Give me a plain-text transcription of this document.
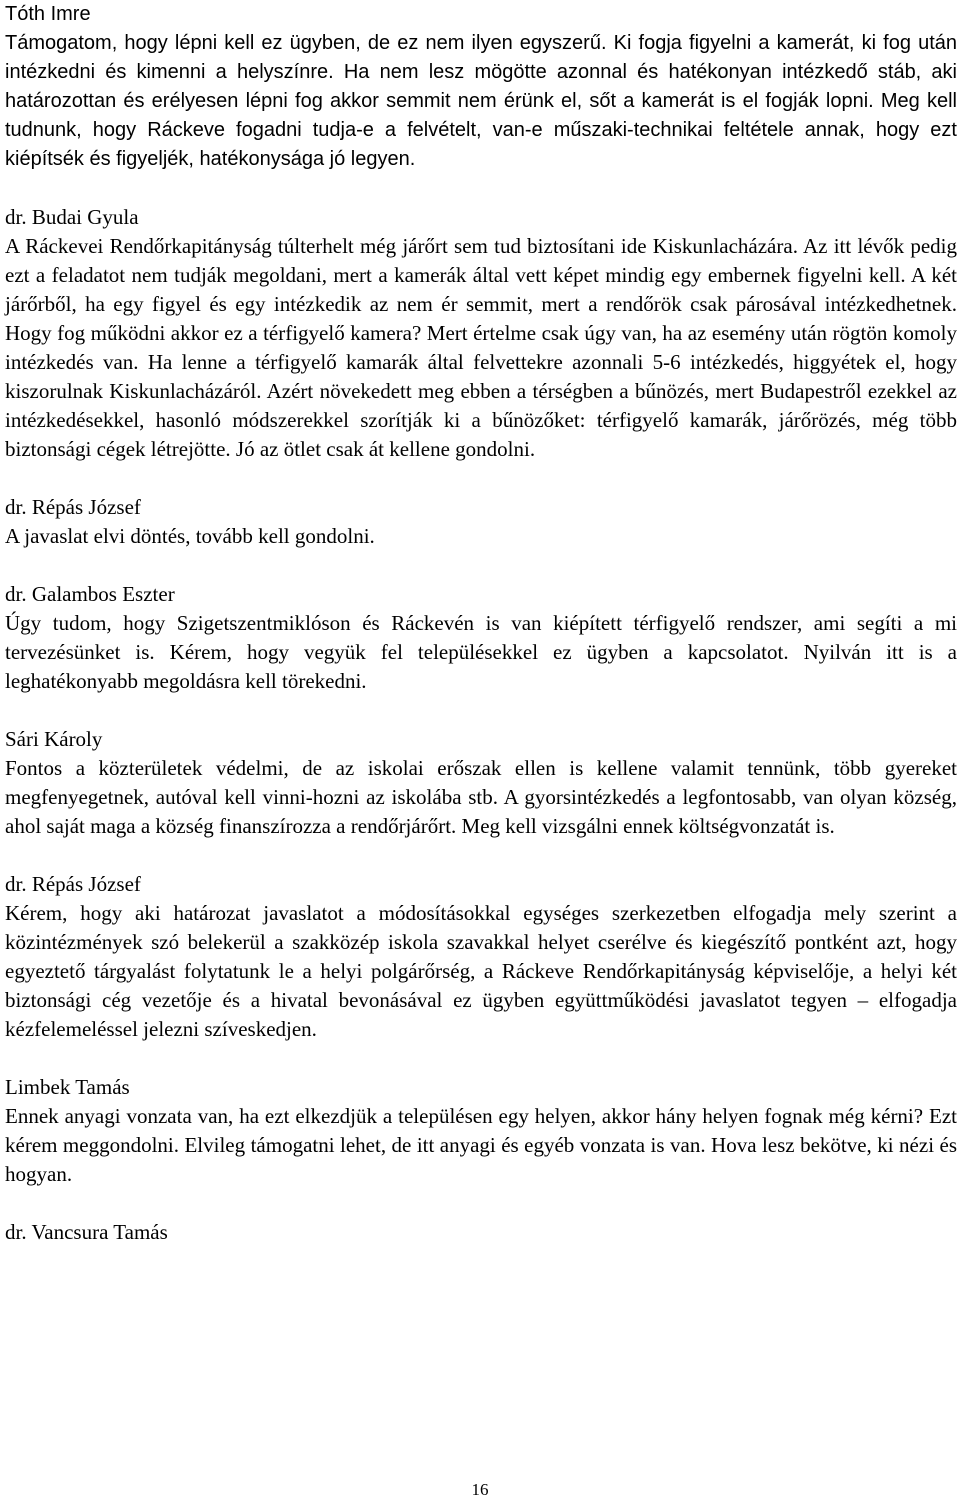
Tóth Imre

Támogatom, hogy lépni kell ez ügyben, de ez nem ilyen egyszerű. Ki fogja figyelni a kamerát, ki fog után intézkedni és kimenni a helyszínre. Ha nem lesz mögötte azonnal és hatékonyan intézkedő stáb, aki határozottan és erélyesen lépni fog akkor semmit nem érünk el, sőt a kamerát is el fogják lopni. Meg kell tudnunk, hogy Ráckeve fogadni tudja-e a felvételt, van-e műszaki-technikai feltétele annak, hogy ezt kiépítsék és figyeljék, hatékonysága jó legyen.

dr. Budai Gyula

A Ráckevei Rendőrkapitányság túlterhelt még járőrt sem tud biztosítani ide Kiskunlacházára. Az itt lévők pedig ezt a feladatot nem tudják megoldani, mert a kamerák által vett képet mindig egy embernek figyelni kell. A két járőrből, ha egy figyel és egy intézkedik az nem ér semmit, mert a rendőrök csak párosával intézkedhetnek. Hogy fog működni akkor ez a térfigyelő kamera? Mert értelme csak úgy van, ha az esemény után rögtön komoly intézkedés van. Ha lenne a térfigyelő kamarák által felvettekre azonnali 5-6 intézkedés, higgyétek el, hogy kiszorulnak Kiskunlacházáról. Azért növekedett meg ebben a térségben a bűnözés, mert Budapestről ezekkel az intézkedésekkel, hasonló módszerekkel szorítják ki a bűnözőket: térfigyelő kamarák, járőrözés, még több biztonsági cégek létrejötte. Jó az ötlet csak át kellene gondolni.

dr. Répás József

A javaslat elvi döntés, tovább kell gondolni.

dr. Galambos Eszter

Úgy tudom, hogy Szigetszentmiklóson és Ráckevén is van kiépített térfigyelő rendszer, ami segíti a mi tervezésünket is. Kérem, hogy vegyük fel településekkel ez ügyben a kapcsolatot. Nyilván itt is a leghatékonyabb megoldásra kell törekedni.

Sári Károly

Fontos a közterületek védelmi, de az iskolai erőszak ellen is kellene valamit tennünk, több gyereket megfenyegetnek, autóval kell vinni-hozni az iskolába stb. A gyorsintézkedés a legfontosabb, van olyan község, ahol saját maga a község finanszírozza a rendőrjárőrt. Meg kell vizsgálni ennek költségvonzatát is.

dr. Répás József

Kérem, hogy aki határozat javaslatot a módosításokkal egységes szerkezetben elfogadja mely szerint a közintézmények szó belekerül a szakközép iskola szavakkal helyet cserélve és kiegészítő pontként azt, hogy egyeztető tárgyalást folytatunk le a helyi polgárőrség, a Ráckeve Rendőrkapitányság képviselője, a helyi két biztonsági cég vezetője és a hivatal bevonásával ez ügyben együttműködési javaslatot tegyen – elfogadja kézfelemeléssel jelezni szíveskedjen.

Limbek Tamás

Ennek anyagi vonzata van, ha ezt elkezdjük a településen egy helyen, akkor hány helyen fognak még kérni? Ezt kérem meggondolni. Elvileg támogatni lehet, de itt anyagi és egyéb vonzata is van. Hova lesz bekötve, ki nézi és hogyan.

dr. Vancsura Tamás

16
